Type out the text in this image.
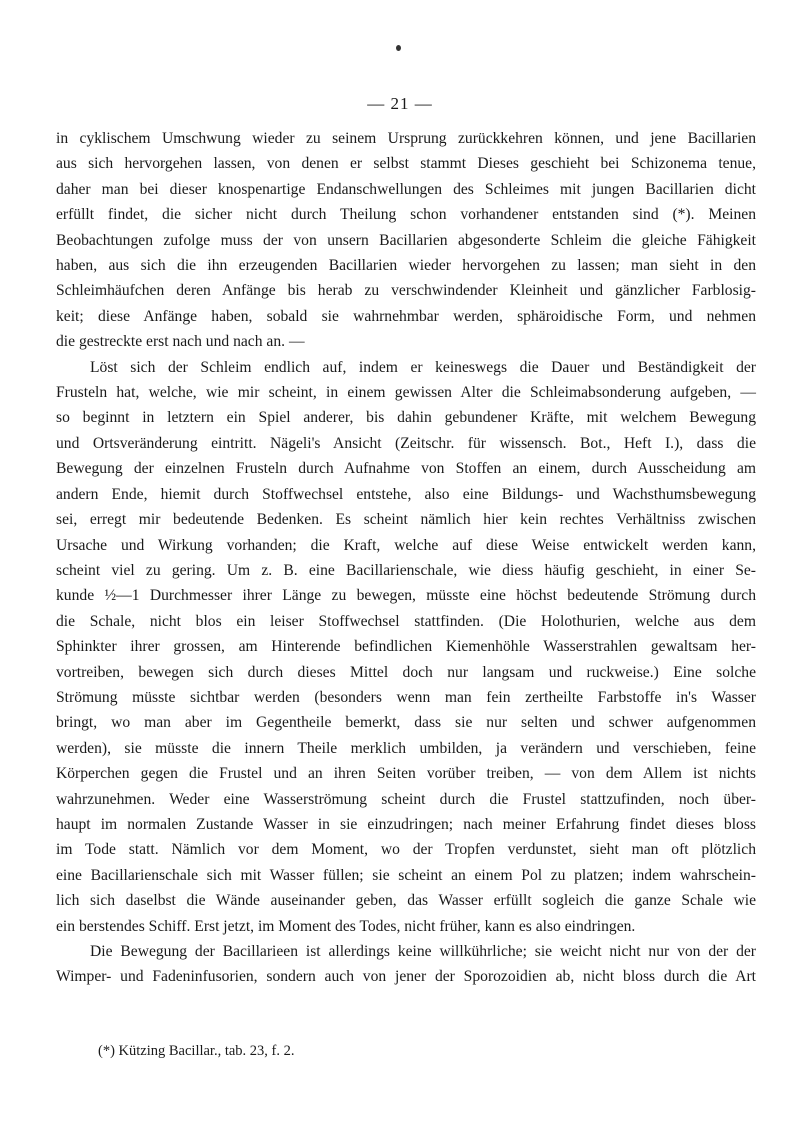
— 21 —
in cyklischem Umschwung wieder zu seinem Ursprung zurückkehren können, und jene Bacillarien
aus sich hervorgehen lassen, von denen er selbst stammt Dieses geschieht bei Schizonema tenue,
daher man bei dieser knospenartige Endanschwellungen des Schleimes mit jungen Bacillarien dicht
erfüllt findet, die sicher nicht durch Theilung schon vorhandener entstanden sind (*). Meinen
Beobachtungen zufolge muss der von unsern Bacillarien abgesonderte Schleim die gleiche Fähigkeit
haben, aus sich die ihn erzeugenden Bacillarien wieder hervorgehen zu lassen; man sieht in den
Schleimhäufchen deren Anfänge bis herab zu verschwindender Kleinheit und gänzlicher Farblosig-
keit; diese Anfänge haben, sobald sie wahrnehmbar werden, sphäroidische Form, und nehmen
die gestreckte erst nach und nach an. —
Löst sich der Schleim endlich auf, indem er keineswegs die Dauer und Beständigkeit der
Frusteln hat, welche, wie mir scheint, in einem gewissen Alter die Schleimabsonderung aufgeben, —
so beginnt in letztern ein Spiel anderer, bis dahin gebundener Kräfte, mit welchem Bewegung
und Ortsveränderung eintritt. Nägeli's Ansicht (Zeitschr. für wissensch. Bot., Heft I.), dass die
Bewegung der einzelnen Frusteln durch Aufnahme von Stoffen an einem, durch Ausscheidung am
andern Ende, hiemit durch Stoffwechsel entstehe, also eine Bildungs- und Wachsthumsbewegung
sei, erregt mir bedeutende Bedenken. Es scheint nämlich hier kein rechtes Verhältniss zwischen
Ursache und Wirkung vorhanden; die Kraft, welche auf diese Weise entwickelt werden kann,
scheint viel zu gering. Um z. B. eine Bacillarienschale, wie diess häufig geschieht, in einer Se-
kunde ½—1 Durchmesser ihrer Länge zu bewegen, müsste eine höchst bedeutende Strömung durch
die Schale, nicht blos ein leiser Stoffwechsel stattfinden. (Die Holothurien, welche aus dem
Sphinkter ihrer grossen, am Hinterende befindlichen Kiemenhöhle Wasserstrahlen gewaltsam her-
vortreiben, bewegen sich durch dieses Mittel doch nur langsam und ruckweise.) Eine solche
Strömung müsste sichtbar werden (besonders wenn man fein zertheilte Farbstoffe in's Wasser
bringt, wo man aber im Gegentheile bemerkt, dass sie nur selten und schwer aufgenommen
werden), sie müsste die innern Theile merklich umbilden, ja verändern und verschieben, feine
Körperchen gegen die Frustel und an ihren Seiten vorüber treiben, — von dem Allem ist nichts
wahrzunehmen. Weder eine Wasserströmung scheint durch die Frustel stattzufinden, noch über-
haupt im normalen Zustande Wasser in sie einzudringen; nach meiner Erfahrung findet dieses bloss
im Tode statt. Nämlich vor dem Moment, wo der Tropfen verdunstet, sieht man oft plötzlich
eine Bacillarienschale sich mit Wasser füllen; sie scheint an einem Pol zu platzen; indem wahrschein-
lich sich daselbst die Wände auseinander geben, das Wasser erfüllt sogleich die ganze Schale wie
ein berstendes Schiff. Erst jetzt, im Moment des Todes, nicht früher, kann es also eindringen.
Die Bewegung der Bacillarieen ist allerdings keine willkührliche; sie weicht nicht nur von der der
Wimper- und Fadeninfusorien, sondern auch von jener der Sporozoidien ab, nicht bloss durch die Art
(*) Kützing Bacillar., tab. 23, f. 2.
